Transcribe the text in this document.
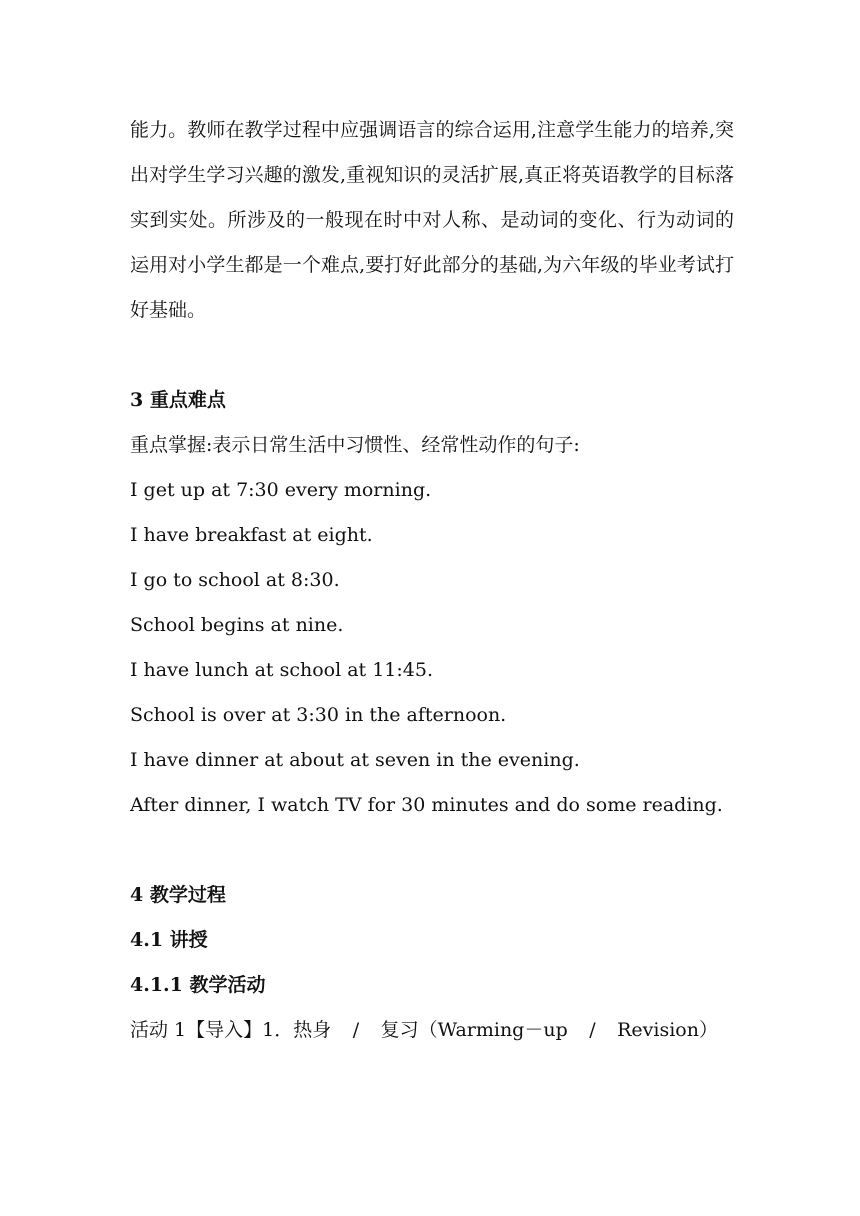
能力。教师在教学过程中应强调语言的综合运用,注意学生能力的培养,突出对学生学习兴趣的激发,重视知识的灵活扩展,真正将英语教学的目标落实到实处。所涉及的一般现在时中对人称、是动词的变化、行为动词的运用对小学生都是一个难点,要打好此部分的基础,为六年级的毕业考试打好基础。

3 重点难点

重点掌握:表示日常生活中习惯性、经常性动作的句子:

I get up at 7:30 every morning.

I have breakfast at eight.

I go to school at 8:30.

School begins at nine.

I have lunch at school at 11:45.

School is over at 3:30 in the afternoon.

I have dinner at about at seven in the evening.

After dinner, I watch TV for 30 minutes and do some reading.

4 教学过程

4.1 讲授

4.1.1 教学活动

活动 1【导入】1．热身 / 复习（Warming－up / Revision）
